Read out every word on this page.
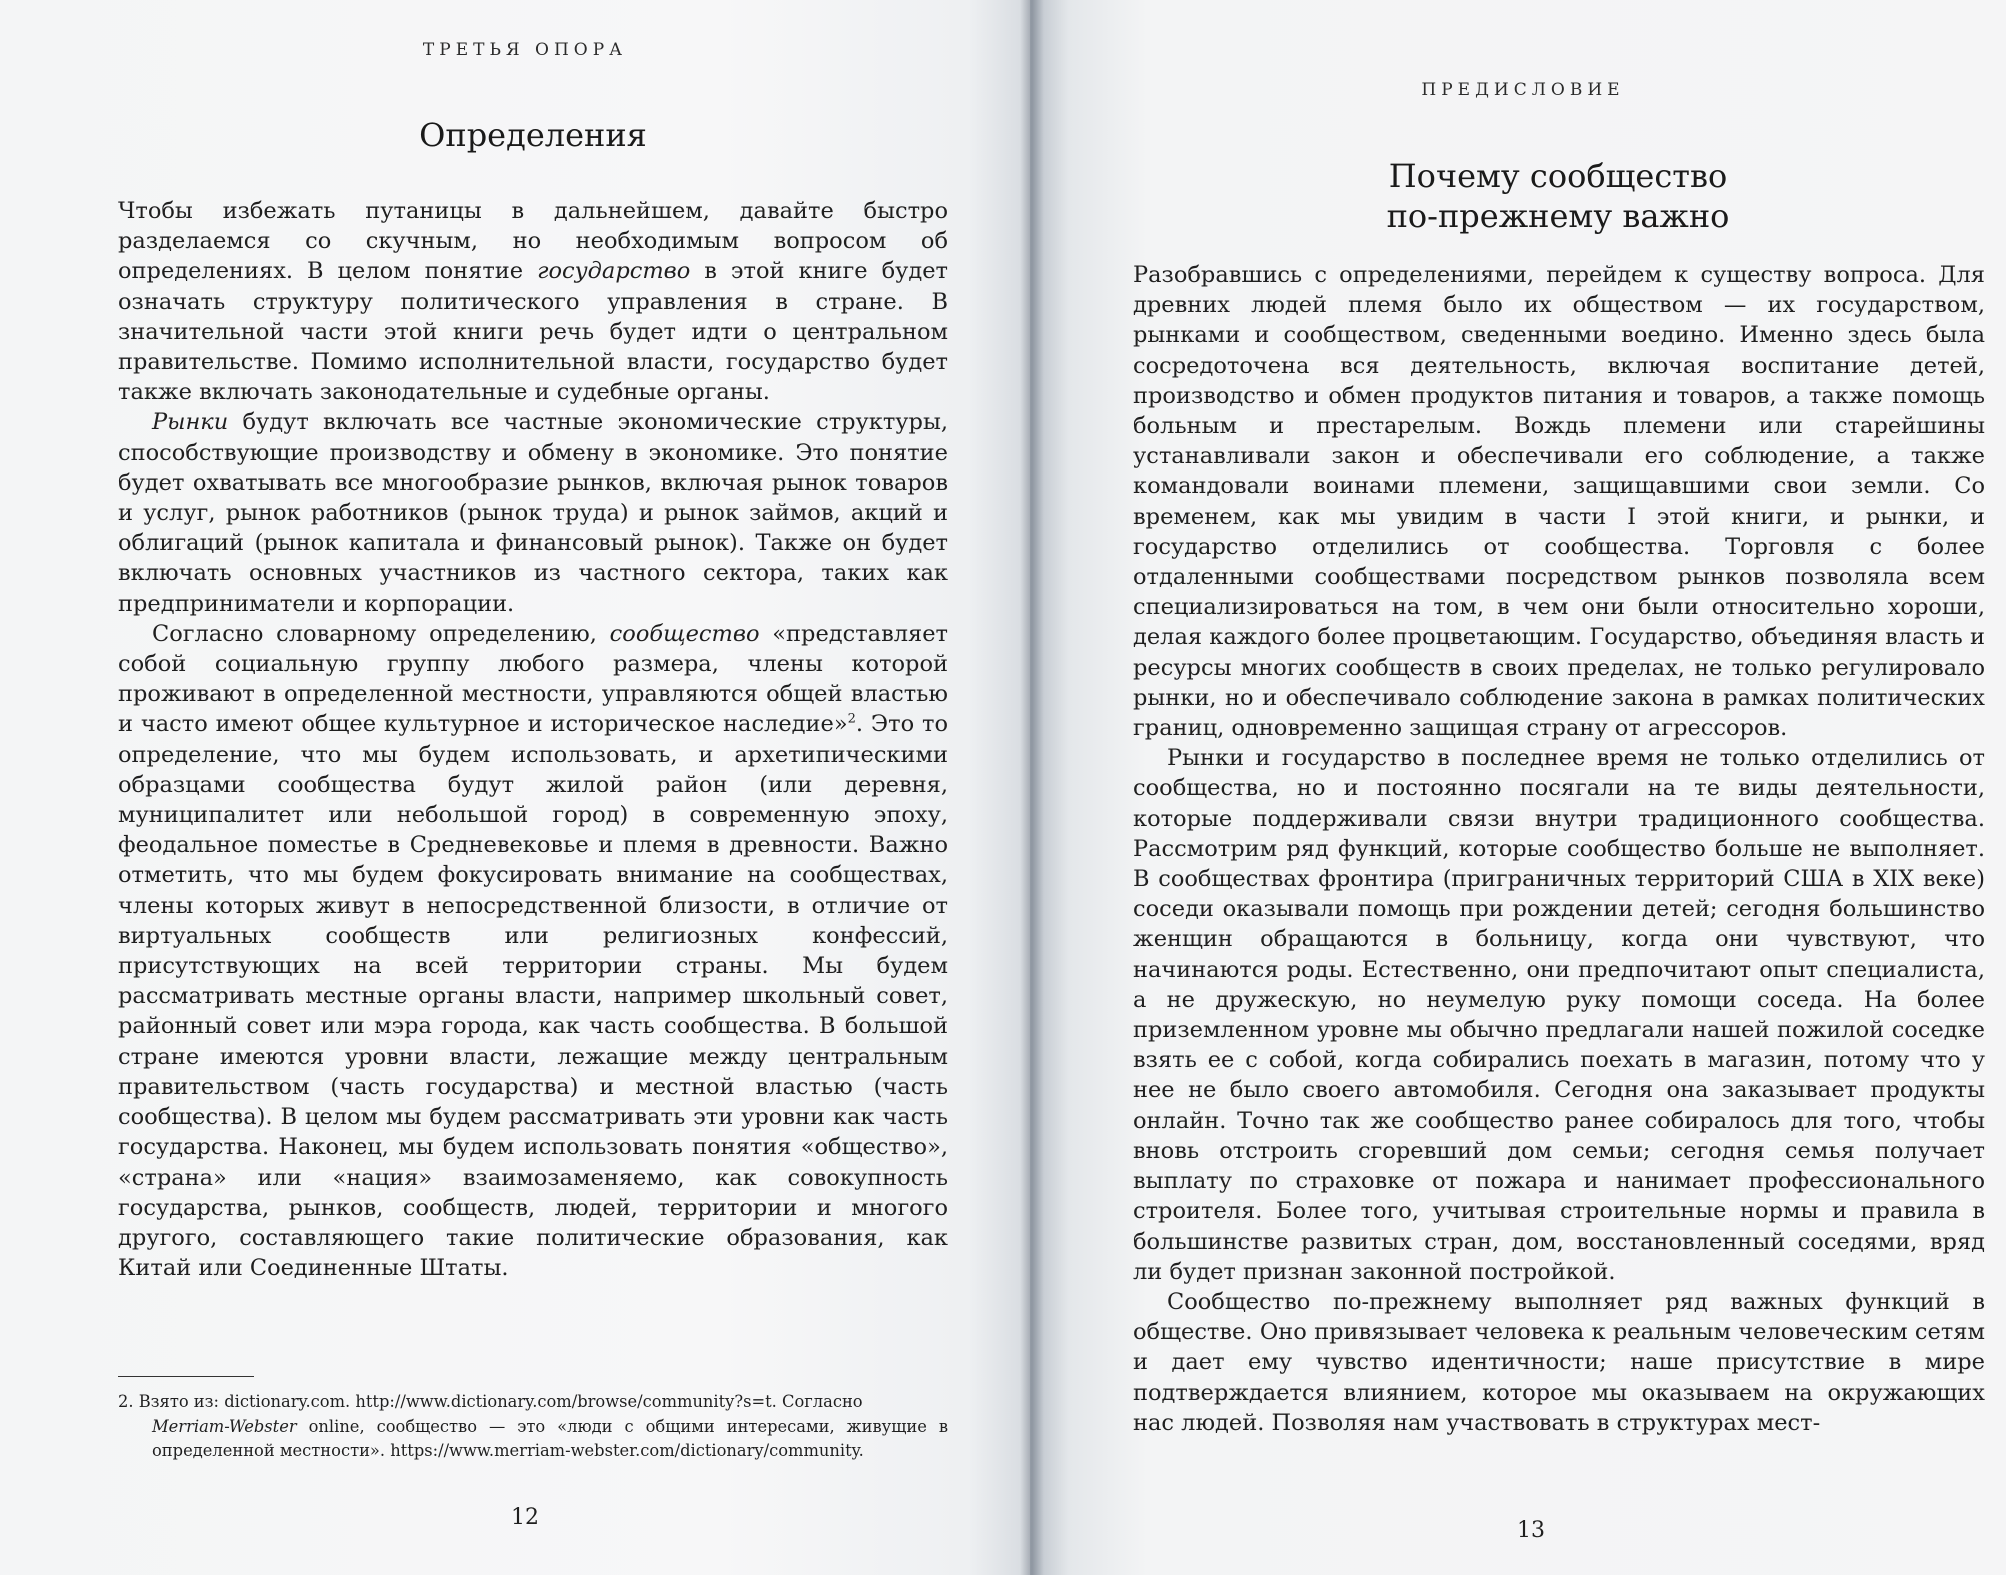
ТРЕТЬЯ ОПОРА
Определения

Чтобы избежать путаницы в дальнейшем, давайте быстро разделаемся со скучным, но необходимым вопросом об определениях. В целом понятие государство в этой книге будет означать структуру политического управления в стране. В значительной части этой книги речь будет идти о центральном правительстве. Помимо исполнительной власти, государство будет также включать законодательные и судебные органы.

Рынки будут включать все частные экономические структуры, способствующие производству и обмену в экономике. Это понятие будет охватывать все многообразие рынков, включая рынок товаров и услуг, рынок работников (рынок труда) и рынок займов, акций и облигаций (рынок капитала и финансовый рынок). Также он будет включать основных участников из частного сектора, таких как предприниматели и корпорации.

Согласно словарному определению, сообщество «представляет собой социальную группу любого размера, члены которой проживают в определенной местности, управляются общей властью и часто имеют общее культурное и историческое наследие»$^2$. Это то определение, что мы будем использовать, и архетипическими образцами сообщества будут жилой район (или деревня, муниципалитет или небольшой город) в современную эпоху, феодальное поместье в Средневековье и племя в древности. Важно отметить, что мы будем фокусировать внимание на сообществах, члены которых живут в непосредственной близости, в отличие от виртуальных сообществ или религиозных конфессий, присутствующих на всей территории страны. Мы будем рассматривать местные органы власти, например школьный совет, районный совет или мэра города, как часть сообщества. В большой стране имеются уровни власти, лежащие между центральным правительством (часть государства) и местной властью (часть сообщества). В целом мы будем рассматривать эти уровни как часть государства. Наконец, мы будем использовать понятия «общество», «страна» или «нация» взаимозаменяемо, как совокупность государства, рынков, сообществ, людей, территории и многого другого, составляющего такие политические образования, как Китай или Соединенные Штаты.

2. Взято из: dictionary.com. http://www.dictionary.com/browse/community?s=t. Согласно
Merriam-Webster online, сообщество — это «люди с общими интересами, живущие в определенной местности». https://www.merriam-webster.com/dictionary/community.

12
ПРЕДИСЛОВИЕ
Почему сообщество
по-прежнему важно

Разобравшись с определениями, перейдем к существу вопроса. Для древних людей племя было их обществом — их государством, рынками и сообществом, сведенными воедино. Именно здесь была сосредоточена вся деятельность, включая воспитание детей, производство и обмен продуктов питания и товаров, а также помощь больным и престарелым. Вождь племени или старейшины устанавливали закон и обеспечивали его соблюдение, а также командовали воинами племени, защищавшими свои земли. Со временем, как мы увидим в части I этой книги, и рынки, и государство отделились от сообщества. Торговля с более отдаленными сообществами посредством рынков позволяла всем специализироваться на том, в чем они были относительно хороши, делая каждого более процветающим. Государство, объединяя власть и ресурсы многих сообществ в своих пределах, не только регулировало рынки, но и обеспечивало соблюдение закона в рамках политических границ, одновременно защищая страну от агрессоров.

Рынки и государство в последнее время не только отделились от сообщества, но и постоянно посягали на те виды деятельности, которые поддерживали связи внутри традиционного сообщества. Рассмотрим ряд функций, которые сообщество больше не выполняет. В сообществах фронтира (приграничных территорий США в XIX веке) соседи оказывали помощь при рождении детей; сегодня большинство женщин обращаются в больницу, когда они чувствуют, что начинаются роды. Естественно, они предпочитают опыт специалиста, а не дружескую, но неумелую руку помощи соседа. На более приземленном уровне мы обычно предлагали нашей пожилой соседке взять ее с собой, когда собирались поехать в магазин, потому что у нее не было своего автомобиля. Сегодня она заказывает продукты онлайн. Точно так же сообщество ранее собиралось для того, чтобы вновь отстроить сгоревший дом семьи; сегодня семья получает выплату по страховке от пожара и нанимает профессионального строителя. Более того, учитывая строительные нормы и правила в большинстве развитых стран, дом, восстановленный соседями, вряд ли будет признан законной постройкой.

Сообщество по-прежнему выполняет ряд важных функций в обществе. Оно привязывает человека к реальным человеческим сетям и дает ему чувство идентичности; наше присутствие в мире подтверждается влиянием, которое мы оказываем на окружающих нас людей. Позволяя нам участвовать в структурах мест-

13
